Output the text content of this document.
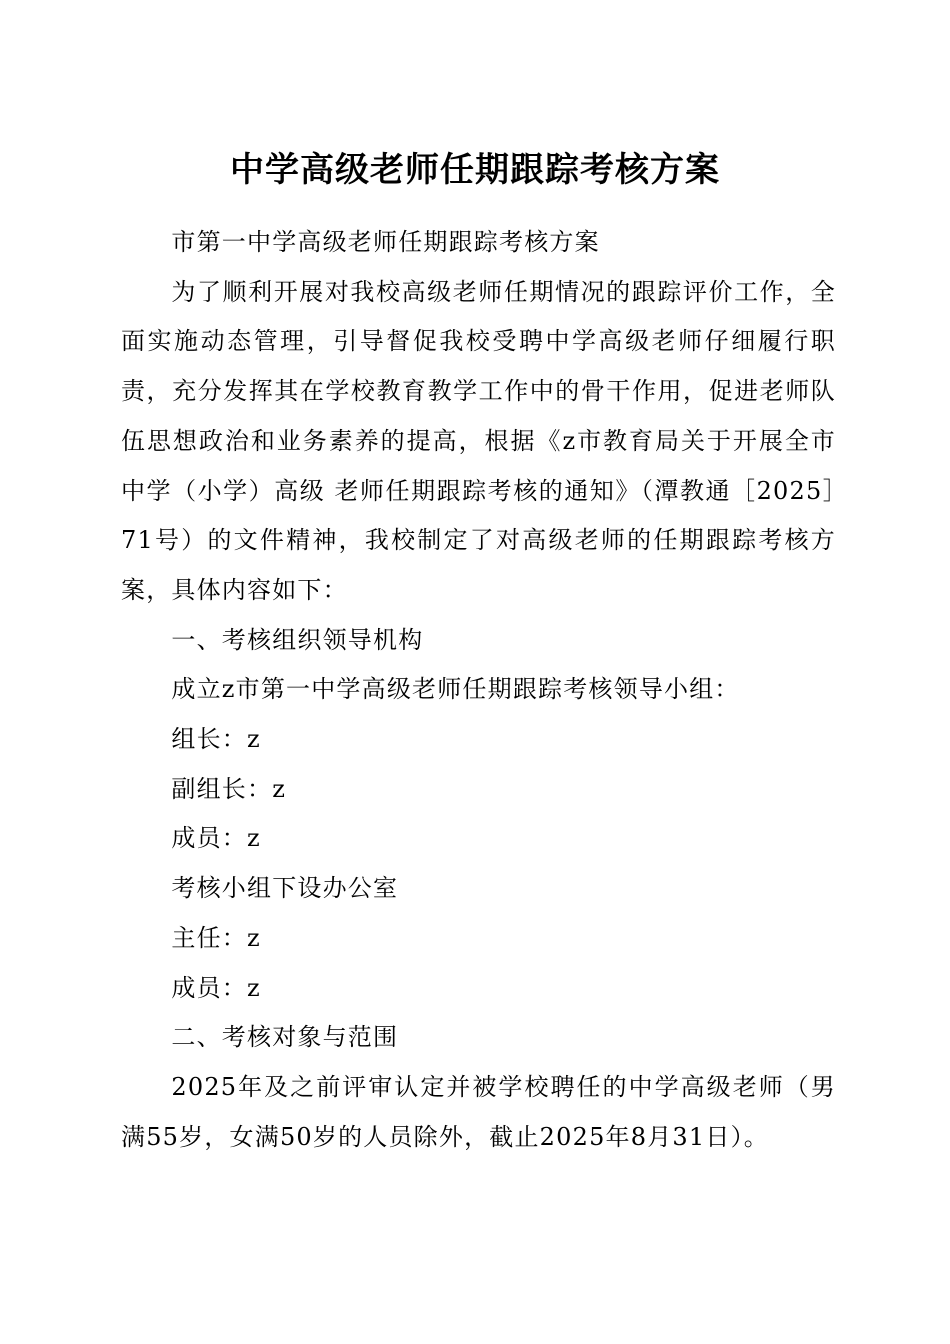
中学高级老师任期跟踪考核方案

市第一中学高级老师任期跟踪考核方案

为了顺利开展对我校高级老师任期情况的跟踪评价工作，全面实施动态管理，引导督促我校受聘中学高级老师仔细履行职责，充分发挥其在学校教育教学工作中的骨干作用，促进老师队伍思想政治和业务素养的提高，根据《z市教育局关于开展全市中学（小学）高级 老师任期跟踪考核的通知》（潭教通［2025］71号）的文件精神，我校制定了对高级老师的任期跟踪考核方案，具体内容如下：

一、考核组织领导机构

成立z市第一中学高级老师任期跟踪考核领导小组：

组长：z

副组长：z

成员：z

考核小组下设办公室

主任：z

成员：z

二、考核对象与范围

2025年及之前评审认定并被学校聘任的中学高级老师（男满55岁，女满50岁的人员除外，截止2025年8月31日）。
